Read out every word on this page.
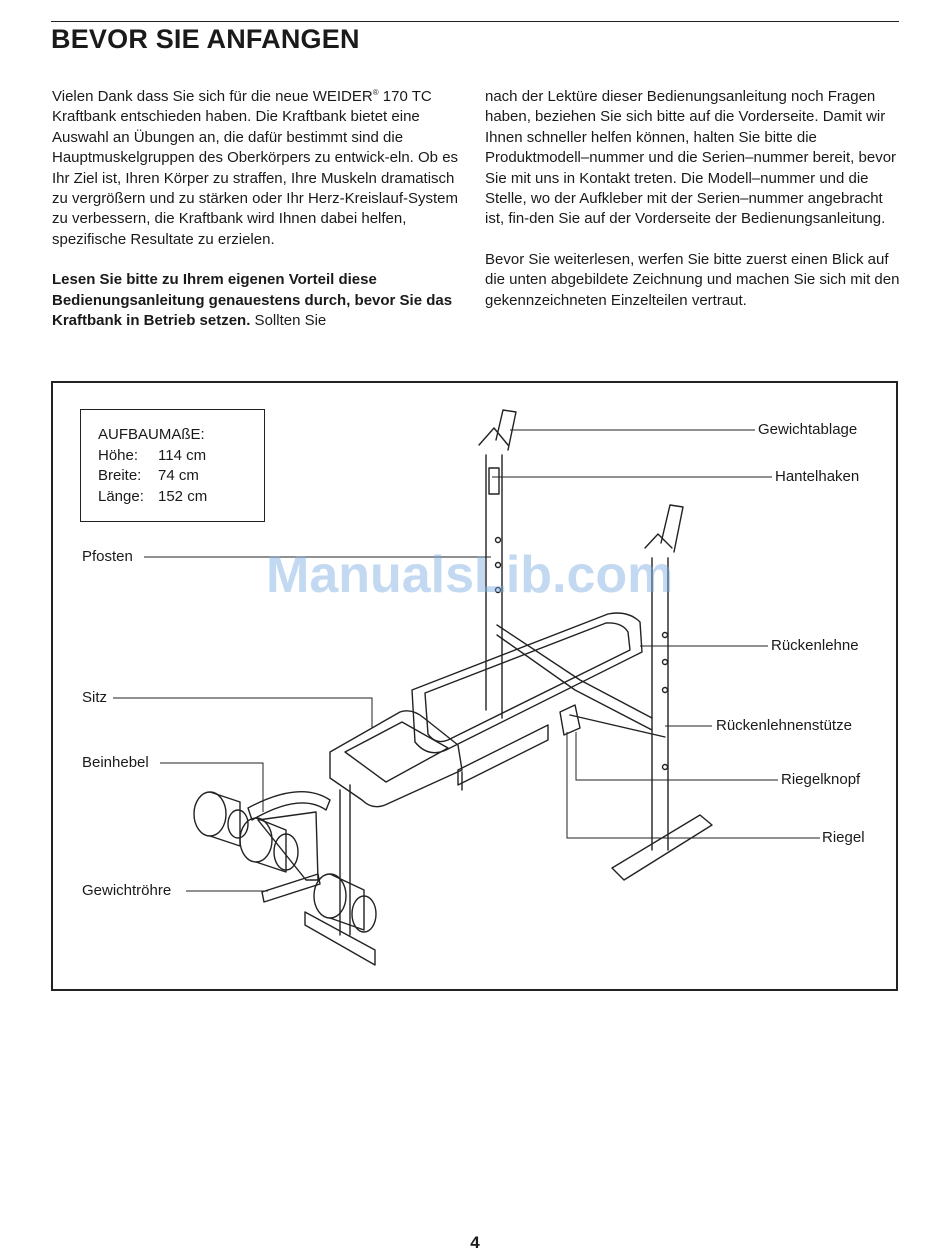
BEVOR SIE ANFANGEN

Vielen Dank dass Sie sich für die neue WEIDER® 170 TC Kraftbank entschieden haben. Die Kraftbank bietet eine Auswahl an Übungen an, die dafür bestimmt sind die Hauptmuskelgruppen des Oberkörpers zu entwick-eln. Ob es Ihr Ziel ist, Ihren Körper zu straffen, Ihre Muskeln dramatisch zu vergrößern und zu stärken oder Ihr Herz-Kreislauf-System zu verbessern, die Kraftbank wird Ihnen dabei helfen, spezifische Resultate zu erzielen.

Lesen Sie bitte zu Ihrem eigenen Vorteil diese Bedienungsanleitung genauestens durch, bevor Sie das Kraftbank in Betrieb setzen. Sollten Sie

nach der Lektüre dieser Bedienungsanleitung noch Fragen haben, beziehen Sie sich bitte auf die Vorderseite. Damit wir Ihnen schneller helfen können, halten Sie bitte die Produktmodell–nummer und die Serien–nummer bereit, bevor Sie mit uns in Kontakt treten. Die Modell–nummer und die Stelle, wo der Aufkleber mit der Serien–nummer angebracht ist, fin-den Sie auf der Vorderseite der Bedienungsanleitung.

Bevor Sie weiterlesen, werfen Sie bitte zuerst einen Blick auf die unten abgebildete Zeichnung und machen Sie sich mit den gekennzeichneten Einzelteilen vertraut.

AUFBAUMAßE:
Höhe:	114 cm
Breite:	74 cm
Länge: 152 cm
ManualsLib.com
Gewichtablage
Hantelhaken
Pfosten
Rückenlehne
Sitz
Rückenlehnenstütze
Beinhebel
Riegelknopf
Riegel
Gewichtröhre
4
